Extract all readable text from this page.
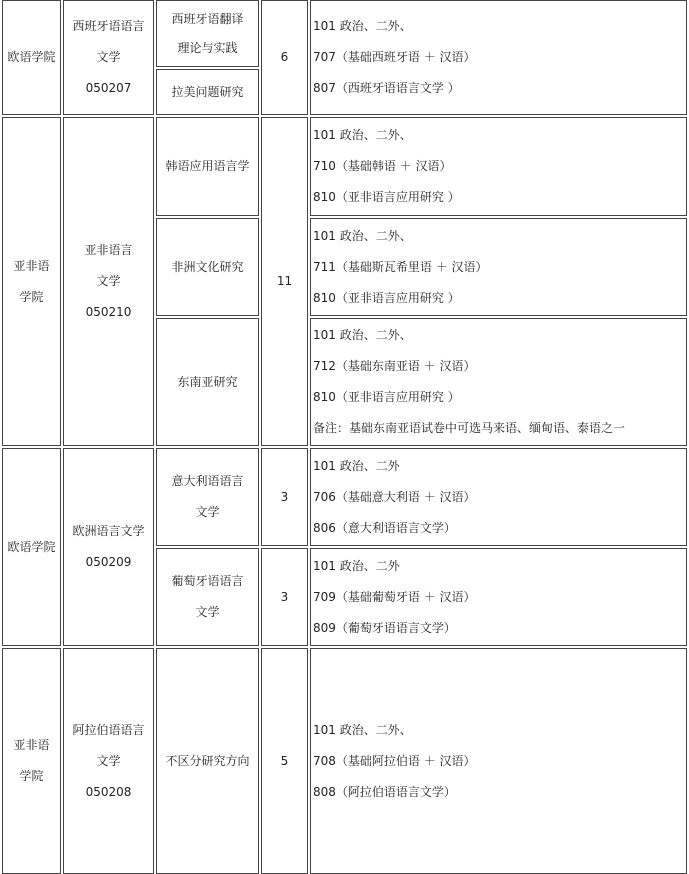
欧语学院
西班牙语语言
文学
050207
西班牙语翻译
理论与实践
拉美问题研究
6
101 政治、二外、
707（基础西班牙语 ＋ 汉语）
807（西班牙语语言文学 ）
亚非语
学院
亚非语言
文学
050210
韩语应用语言学
非洲文化研究
东南亚研究
11
101 政治、二外、
710（基础韩语 ＋ 汉语）
810（亚非语言应用研究 ）
101 政治、二外、
711（基础斯瓦希里语 ＋ 汉语）
810（亚非语言应用研究 ）
101 政治、二外、
712（基础东南亚语 ＋ 汉语）
810（亚非语言应用研究 ）
备注：基础东南亚语试卷中可选马来语、缅甸语、泰语之一
欧语学院
欧洲语言文学
050209
意大利语语言
文学
葡萄牙语语言
文学
3
3
101 政治、二外
706（基础意大利语 ＋ 汉语）
806（意大利语语言文学）
101 政治、二外
709（基础葡萄牙语 ＋ 汉语）
809（葡萄牙语语言文学）
亚非语
学院
阿拉伯语语言
文学
050208
不区分研究方向	5
101 政治、二外、
708（基础阿拉伯语 ＋ 汉语）
808（阿拉伯语语言文学）
